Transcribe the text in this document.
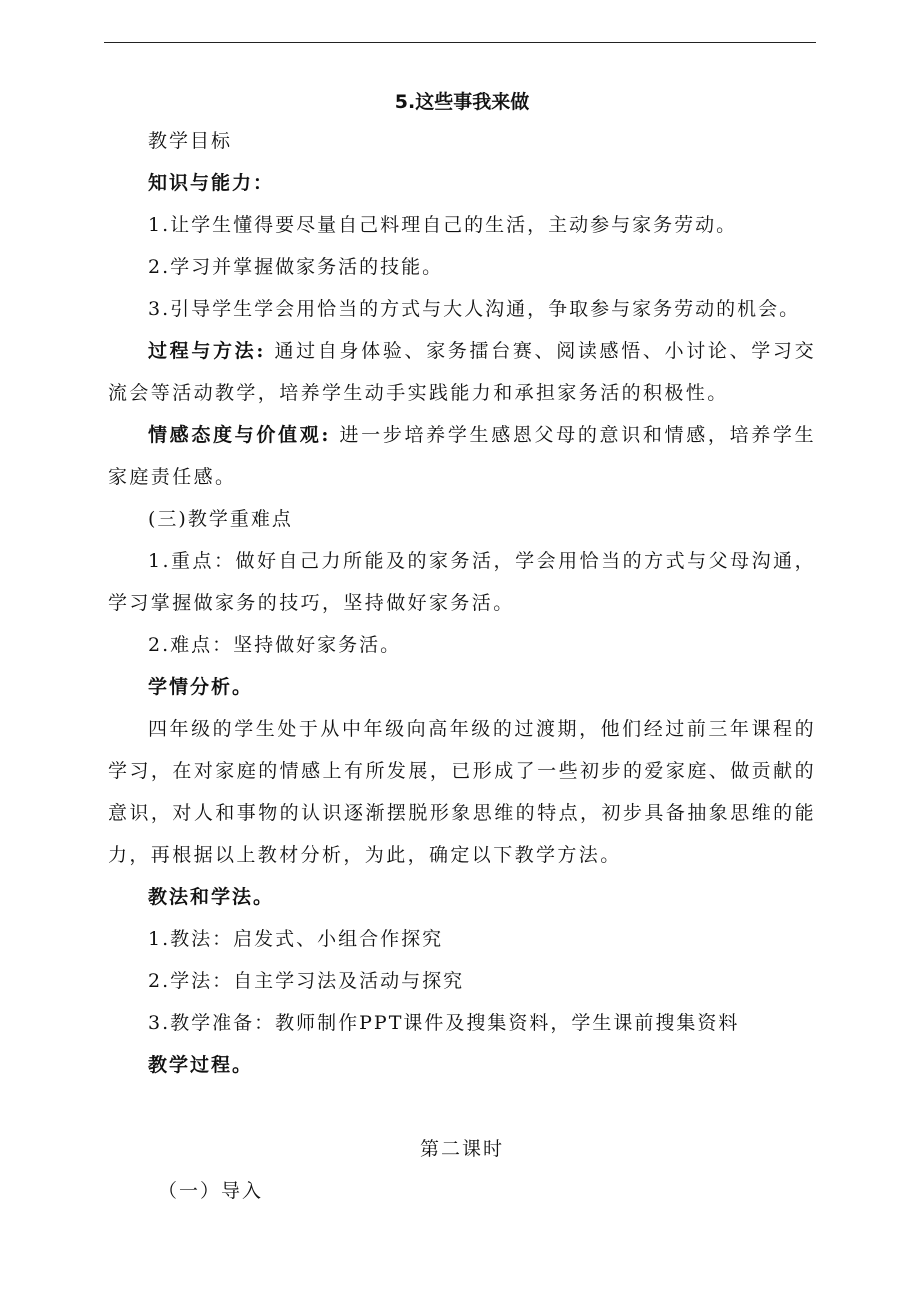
5.这些事我来做

教学目标

知识与能力：

1.让学生懂得要尽量自己料理自己的生活，主动参与家务劳动。

2.学习并掌握做家务活的技能。

3.引导学生学会用恰当的方式与大人沟通，争取参与家务劳动的机会。

过程与方法: 通过自身体验、家务擂台赛、阅读感悟、小讨论、学习交流会等活动教学，培养学生动手实践能力和承担家务活的积极性。

情感态度与价值观: 进一步培养学生感恩父母的意识和情感，培养学生家庭责任感。

(三)教学重难点

1.重点：做好自己力所能及的家务活，学会用恰当的方式与父母沟通，学习掌握做家务的技巧，坚持做好家务活。

2.难点：坚持做好家务活。

学情分析。

四年级的学生处于从中年级向高年级的过渡期，他们经过前三年课程的学习，在对家庭的情感上有所发展，已形成了一些初步的爱家庭、做贡献的意识，对人和事物的认识逐渐摆脱形象思维的特点，初步具备抽象思维的能力，再根据以上教材分析，为此，确定以下教学方法。

教法和学法。

1.教法：启发式、小组合作探究

2.学法：自主学习法及活动与探究

3.教学准备：教师制作PPT课件及搜集资料，学生课前搜集资料

教学过程。

第二课时

（一）导入
